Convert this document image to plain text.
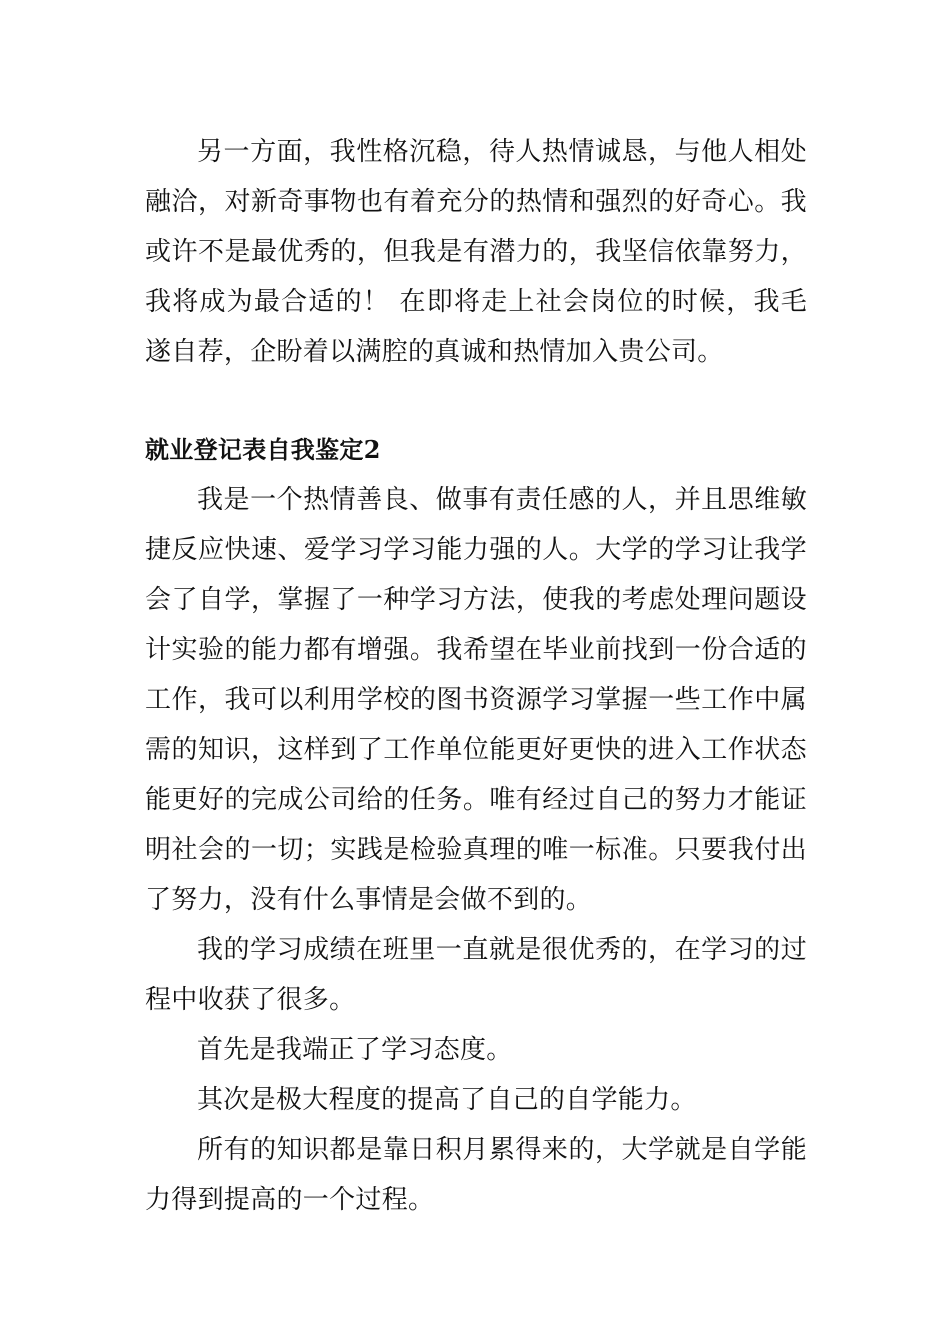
另一方面，我性格沉稳，待人热情诚恳，与他人相处融洽，对新奇事物也有着充分的热情和强烈的好奇心。我或许不是最优秀的，但我是有潜力的，我坚信依靠努力，我将成为最合适的！ 在即将走上社会岗位的时候，我毛遂自荐，企盼着以满腔的真诚和热情加入贵公司。

就业登记表自我鉴定2

我是一个热情善良、做事有责任感的人，并且思维敏捷反应快速、爱学习学习能力强的人。大学的学习让我学会了自学，掌握了一种学习方法，使我的考虑处理问题设计实验的能力都有增强。我希望在毕业前找到一份合适的工作，我可以利用学校的图书资源学习掌握一些工作中属需的知识，这样到了工作单位能更好更快的进入工作状态能更好的完成公司给的任务。唯有经过自己的努力才能证明社会的一切；实践是检验真理的唯一标准。只要我付出了努力，没有什么事情是会做不到的。

我的学习成绩在班里一直就是很优秀的，在学习的过程中收获了很多。

首先是我端正了学习态度。

其次是极大程度的提高了自己的自学能力。

所有的知识都是靠日积月累得来的，大学就是自学能力得到提高的一个过程。
